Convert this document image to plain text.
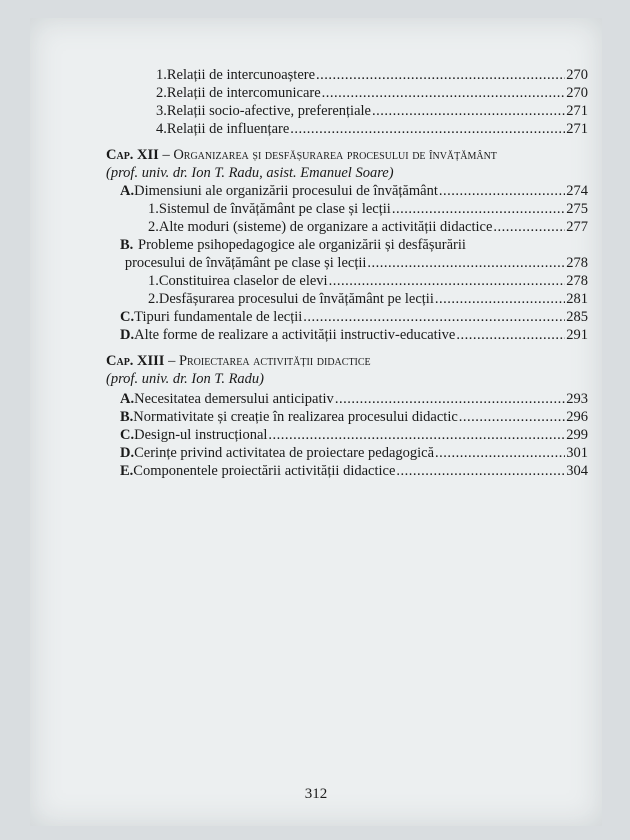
1. Relații de intercunoaștere .....	270
2. Relații de intercomunicare .....	270
3. Relații socio-afective, preferențiale .....	271
4. Relații de influențare .....	271
Cap. XII – Organizarea și desfășurarea procesului de învățământ
(prof. univ. dr. Ion T. Radu, asist. Emanuel Soare)
A. Dimensiuni ale organizării procesului de învățământ .....	274
1. Sistemul de învățământ pe clase și lecții .....	275
2. Alte moduri (sisteme) de organizare a activității didactice .....	277
B. Probleme psihopedagogice ale organizării și desfășurării
procesului de învățământ pe clase și lecții .....	278
1. Constituirea claselor de elevi .....	278
2. Desfășurarea procesului de învățământ pe lecții .....	281
C. Tipuri fundamentale de lecții .....	285
D. Alte forme de realizare a activității instructiv-educative .....	291
Cap. XIII – Proiectarea activității didactice
(prof. univ. dr. Ion T. Radu)
A. Necesitatea demersului anticipativ .....	293
B. Normativitate și creație în realizarea procesului didactic .....	296
C. Design-ul instrucțional .....	299
D. Cerințe privind activitatea de proiectare pedagogică .....	301
E. Componentele proiectării activității didactice .....	304
312
